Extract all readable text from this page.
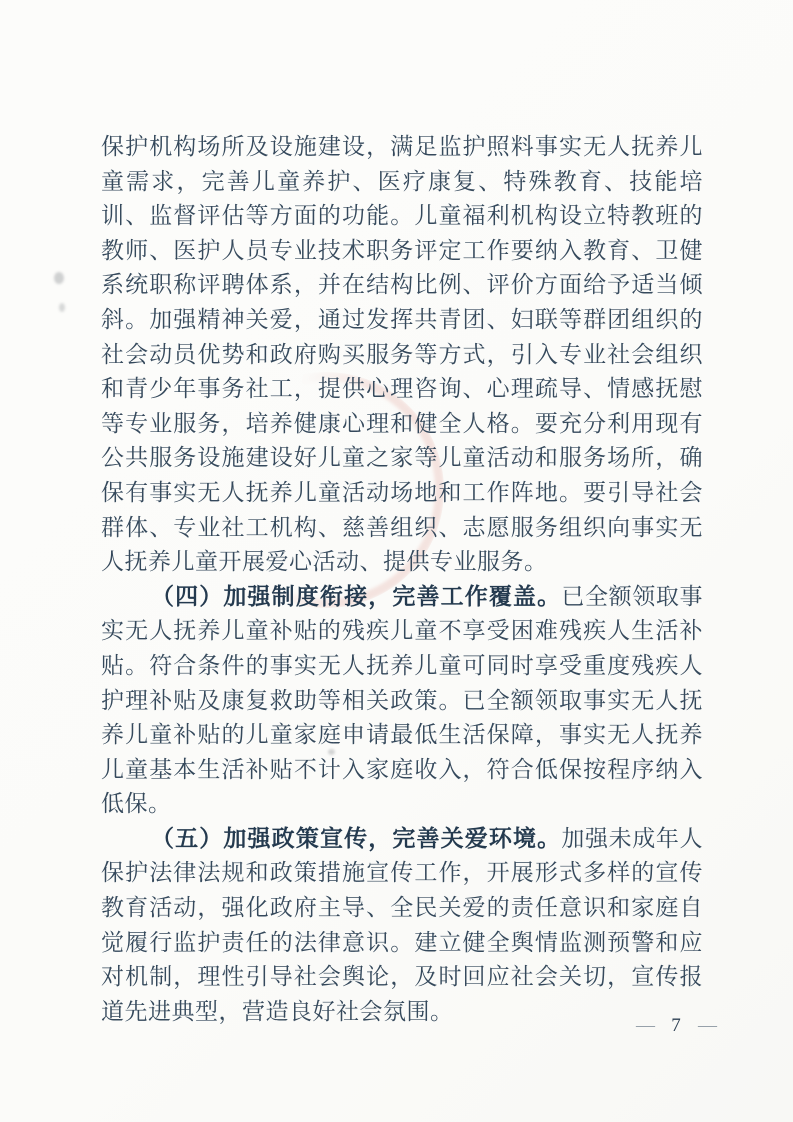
保护机构场所及设施建设，满足监护照料事实无人抚养儿童需求，完善儿童养护、医疗康复、特殊教育、技能培训、监督评估等方面的功能。儿童福利机构设立特教班的教师、医护人员专业技术职务评定工作要纳入教育、卫健系统职称评聘体系，并在结构比例、评价方面给予适当倾斜。加强精神关爱，通过发挥共青团、妇联等群团组织的社会动员优势和政府购买服务等方式，引入专业社会组织和青少年事务社工，提供心理咨询、心理疏导、情感抚慰等专业服务，培养健康心理和健全人格。要充分利用现有公共服务设施建设好儿童之家等儿童活动和服务场所，确保有事实无人抚养儿童活动场地和工作阵地。要引导社会群体、专业社工机构、慈善组织、志愿服务组织向事实无人抚养儿童开展爱心活动、提供专业服务。

（四）加强制度衔接，完善工作覆盖。已全额领取事实无人抚养儿童补贴的残疾儿童不享受困难残疾人生活补贴。符合条件的事实无人抚养儿童可同时享受重度残疾人护理补贴及康复救助等相关政策。已全额领取事实无人抚养儿童补贴的儿童家庭申请最低生活保障，事实无人抚养儿童基本生活补贴不计入家庭收入，符合低保按程序纳入低保。

（五）加强政策宣传，完善关爱环境。加强未成年人保护法律法规和政策措施宣传工作，开展形式多样的宣传教育活动，强化政府主导、全民关爱的责任意识和家庭自觉履行监护责任的法律意识。建立健全舆情监测预警和应对机制，理性引导社会舆论，及时回应社会关切，宣传报道先进典型，营造良好社会氛围。

— 7 —
